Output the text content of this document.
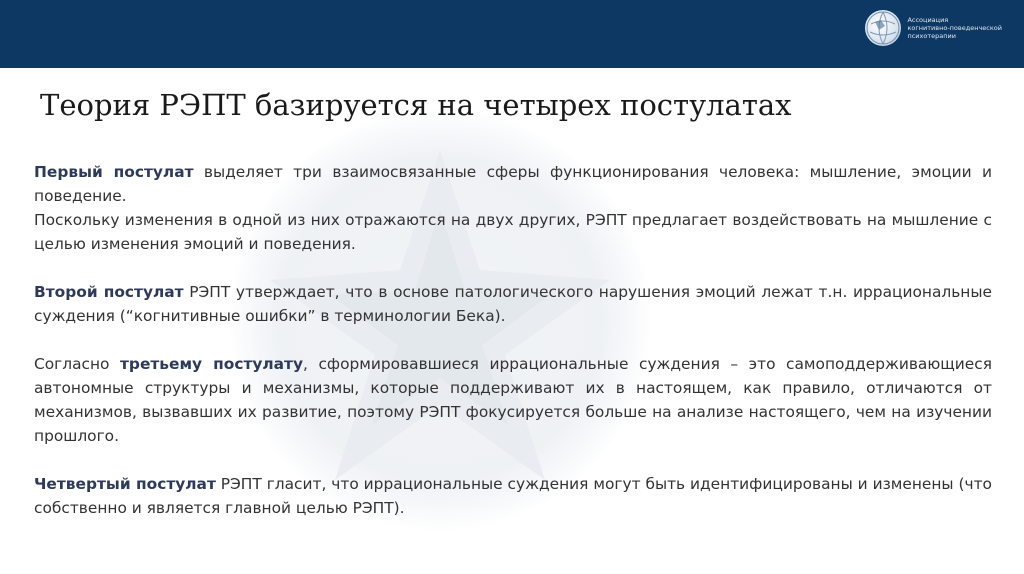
Ассоциация
когнитивно-поведенческой
психотерапии
Теория РЭПТ базируется на четырех постулатах

Первый постулат выделяет три взаимосвязанные сферы функционирования человека: мышление, эмоции и поведение.
Поскольку изменения в одной из них отражаются на двух других, РЭПТ предлагает воздействовать на мышление с целью изменения эмоций и поведения.

Второй постулат РЭПТ утверждает, что в основе патологического нарушения эмоций лежат т.н. иррациональные суждения (“когнитивные ошибки” в терминологии Бека).

Согласно третьему постулату, сформировавшиеся иррациональные суждения – это самоподдерживающиеся автономные структуры и механизмы, которые поддерживают их в настоящем, как правило, отличаются от механизмов, вызвавших их развитие, поэтому РЭПТ фокусируется больше на анализе настоящего, чем на изучении прошлого.

Четвертый постулат РЭПТ гласит, что иррациональные суждения могут быть идентифицированы и изменены (что собственно и является главной целью РЭПТ).
